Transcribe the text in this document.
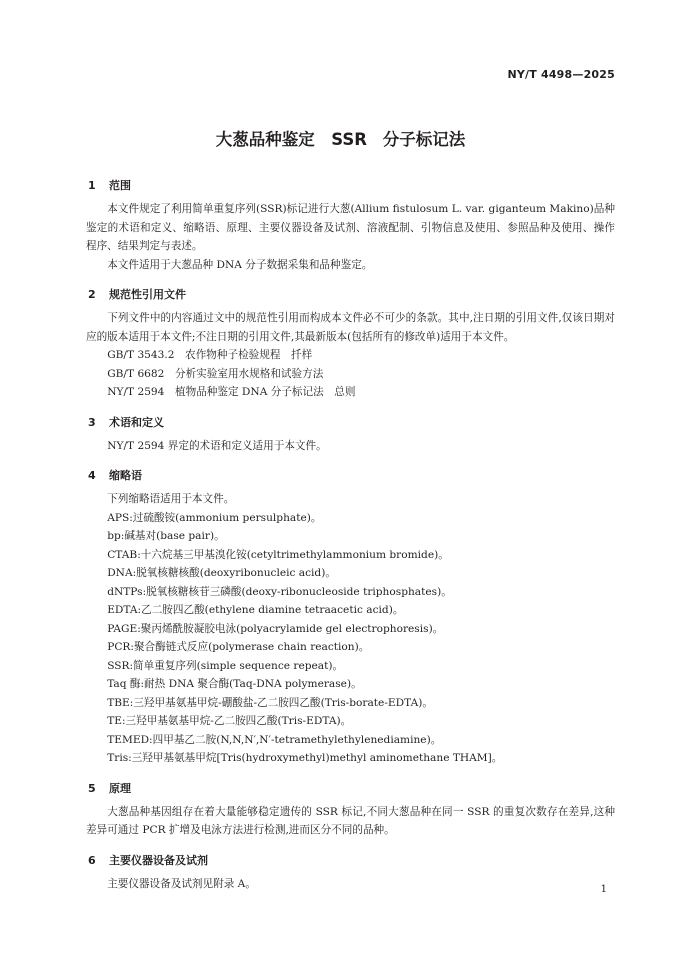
NY/T 4498—2025
大葱品种鉴定　SSR 分子标记法
1 范围

本文件规定了利用简单重复序列(SSR)标记进行大葱(Allium fistulosum L. var. giganteum Makino)品种鉴定的术语和定义、缩略语、原理、主要仪器设备及试剂、溶液配制、引物信息及使用、参照品种及使用、操作程序、结果判定与表述。

本文件适用于大葱品种 DNA 分子数据采集和品种鉴定。

2 规范性引用文件

下列文件中的内容通过文中的规范性引用而构成本文件必不可少的条款。其中,注日期的引用文件,仅该日期对应的版本适用于本文件;不注日期的引用文件,其最新版本(包括所有的修改单)适用于本文件。

GB/T 3543.2　农作物种子检验规程　扦样
GB/T 6682　分析实验室用水规格和试验方法
NY/T 2594　植物品种鉴定 DNA 分子标记法　总则
3 术语和定义

NY/T 2594 界定的术语和定义适用于本文件。

4 缩略语

下列缩略语适用于本文件。

APS:过硫酸铵(ammonium persulphate)。

bp:碱基对(base pair)。

CTAB:十六烷基三甲基溴化铵(cetyltrimethylammonium bromide)。

DNA:脱氧核糖核酸(deoxyribonucleic acid)。

dNTPs:脱氧核糖核苷三磷酸(deoxy-ribonucleoside triphosphates)。

EDTA:乙二胺四乙酸(ethylene diamine tetraacetic acid)。

PAGE:聚丙烯酰胺凝胶电泳(polyacrylamide gel electrophoresis)。

PCR:聚合酶链式反应(polymerase chain reaction)。

SSR:简单重复序列(simple sequence repeat)。

Taq 酶:耐热 DNA 聚合酶(Taq-DNA polymerase)。

TBE:三羟甲基氨基甲烷-硼酸盐-乙二胺四乙酸(Tris-borate-EDTA)。

TE:三羟甲基氨基甲烷-乙二胺四乙酸(Tris-EDTA)。

TEMED:四甲基乙二胺(N,N,N′,N′-tetramethylethylenediamine)。

Tris:三羟甲基氨基甲烷[Tris(hydroxymethyl)methyl aminomethane THAM]。

5 原理

大葱品种基因组存在着大量能够稳定遗传的 SSR 标记,不同大葱品种在同一 SSR 的重复次数存在差异,这种差异可通过 PCR 扩增及电泳方法进行检测,进而区分不同的品种。

6 主要仪器设备及试剂

主要仪器设备及试剂见附录 A。	1
